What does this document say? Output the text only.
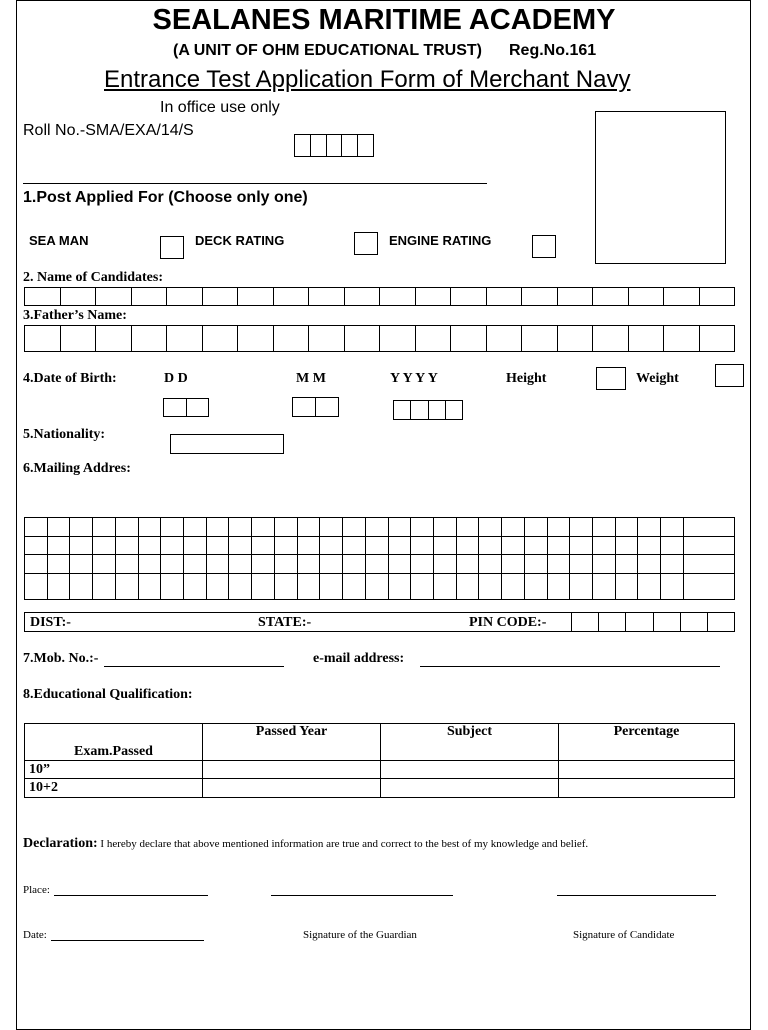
SEALANES MARITIME ACADEMY
(A UNIT OF OHM EDUCATIONAL TRUST) Reg.No.161
Entrance Test Application Form of Merchant Navy
In office use only
Roll No.-SMA/EXA/14/S
1.Post Applied For (Choose only one)
SEA MAN	DECK RATING	ENGINE RATING
2. Name of Candidates:
3.Father’s Name:
4.Date of Birth:	D D	M M	Y Y Y Y	Height	Weight
5.Nationality:
6.Mailing Addres:

DIST:-	STATE:-	PIN CODE:-
7.Mob. No.:-	e-mail address:
8.Educational Qualification:
Exam.Passed	Passed Year	Subject	Percentage
10”			
10+2			
Declaration: I hereby declare that above mentioned information are true and correct to the best of my knowledge and belief.
Place:
Date:	Signature of the Guardian	Signature of Candidate
